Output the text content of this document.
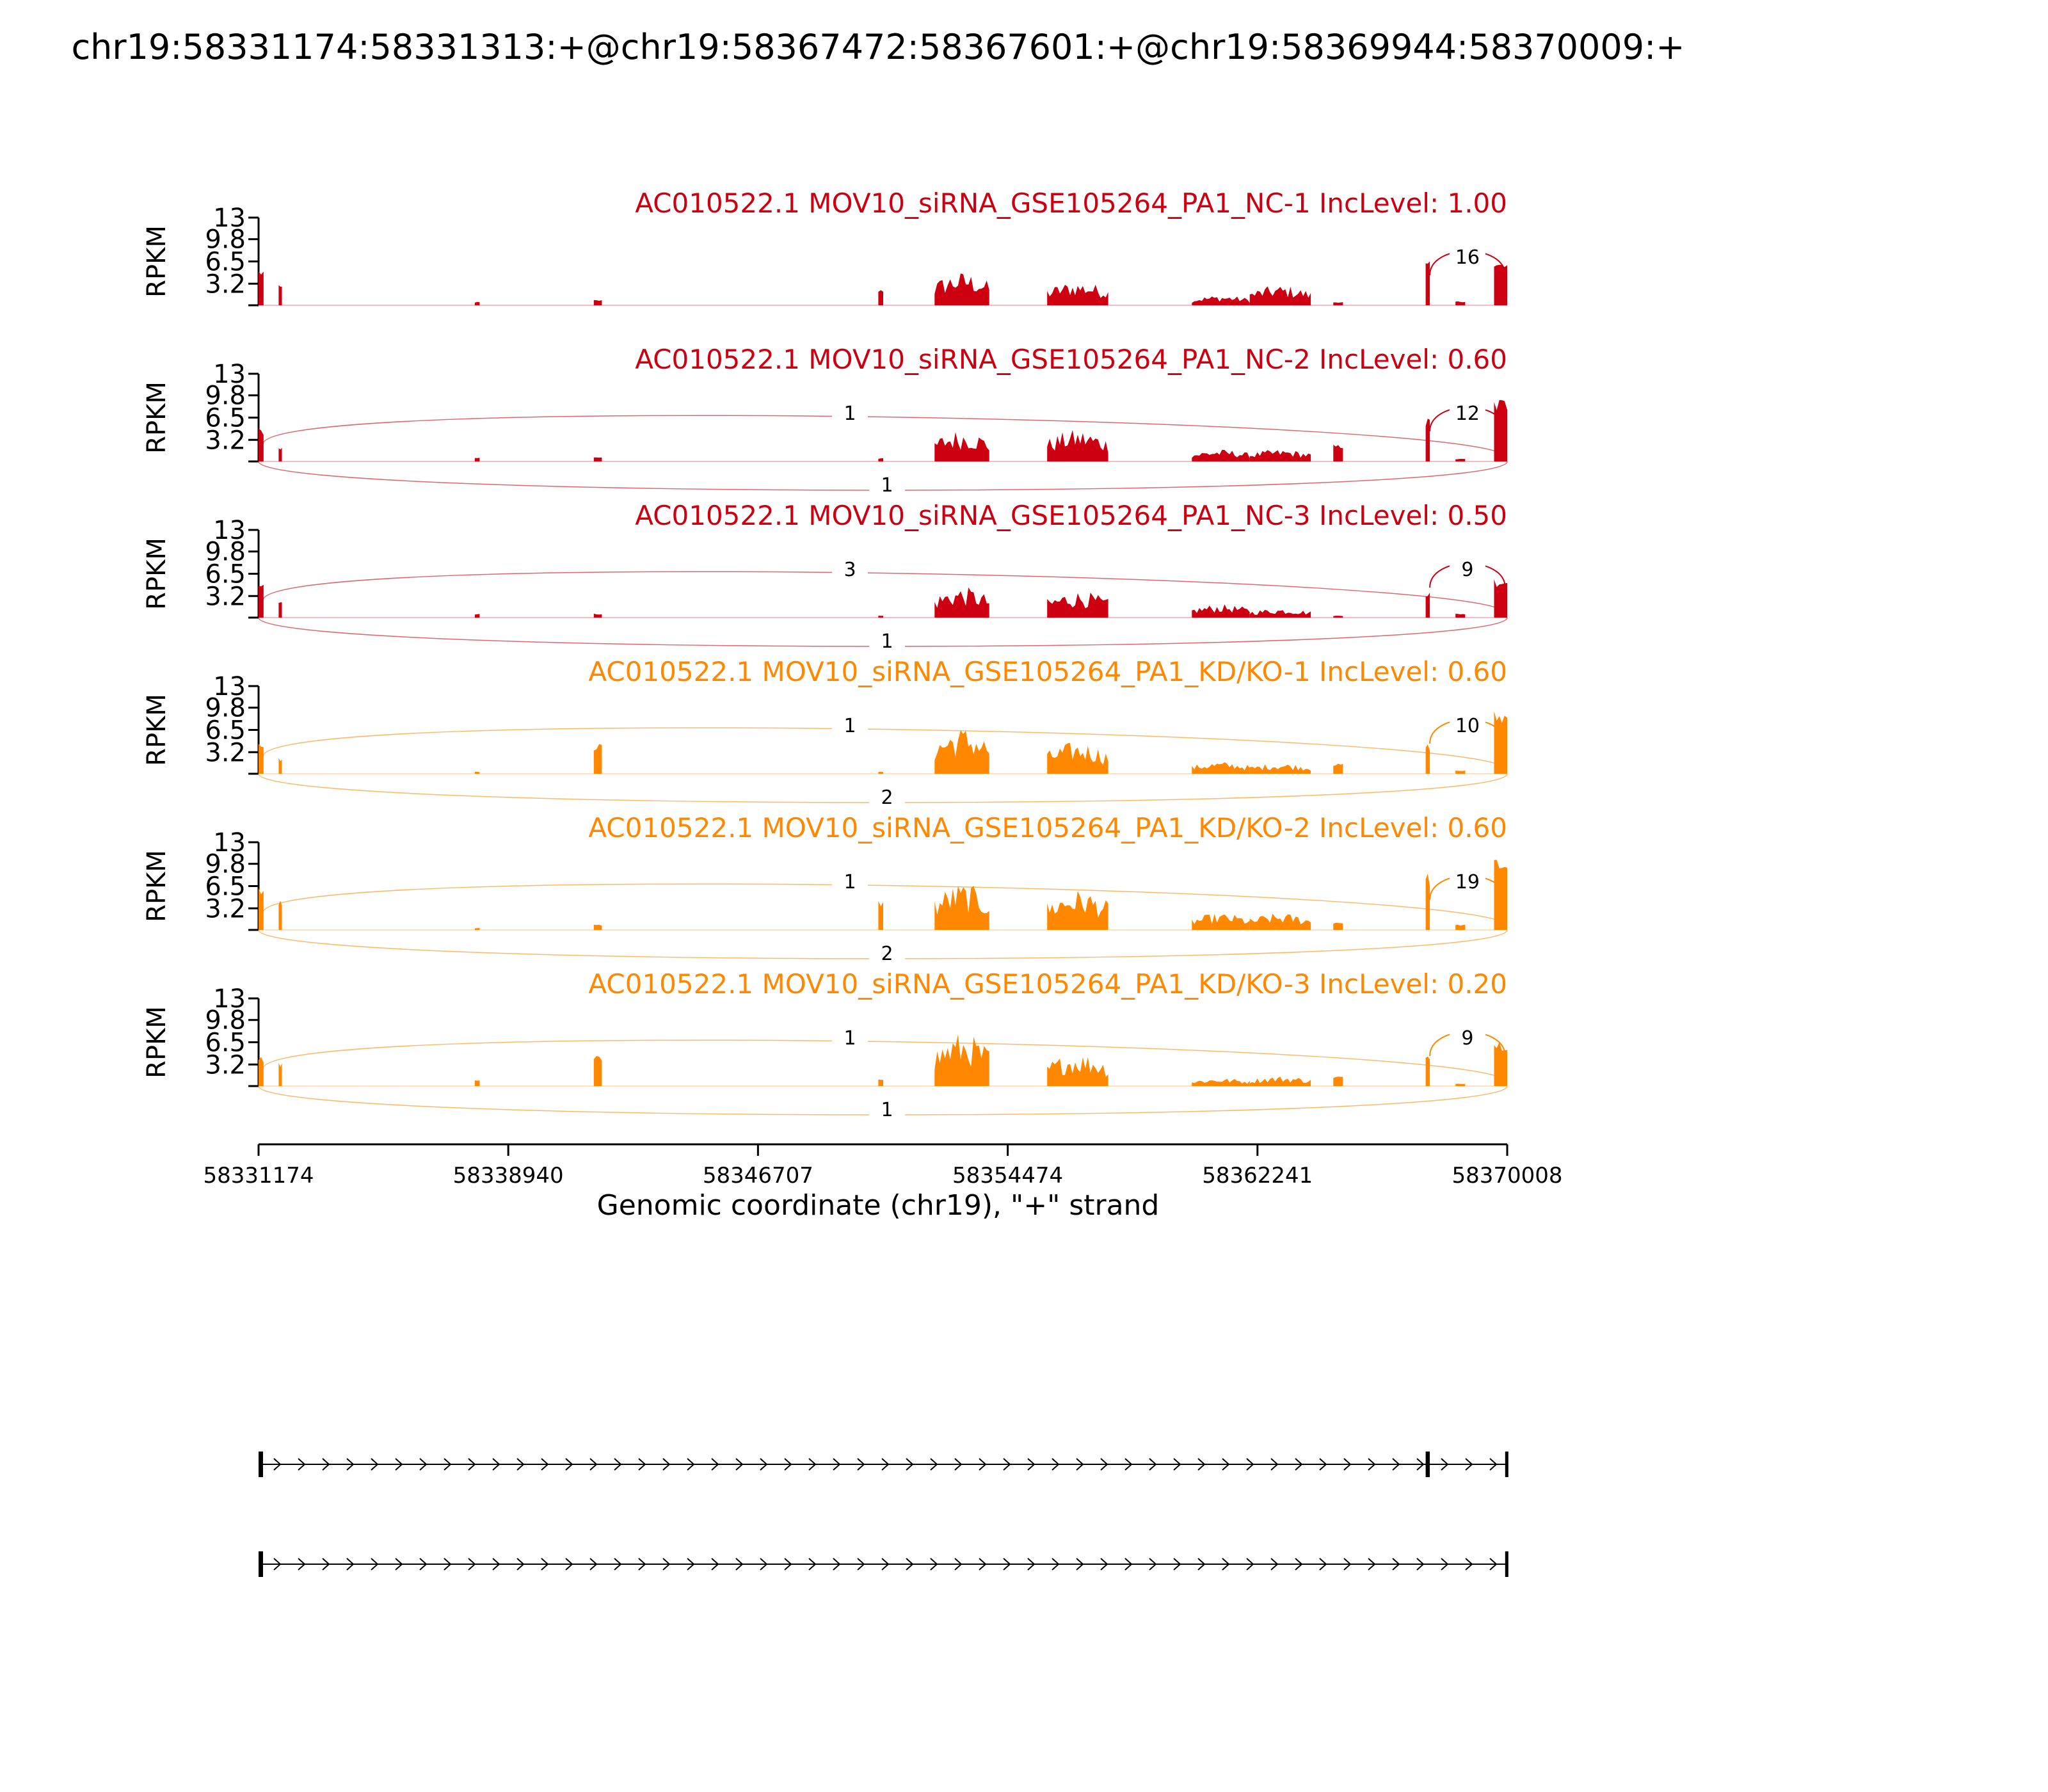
chr19:58331174:58331313:+@chr19:58367472:58367601:+@chr19:58369944:58370009:+
AC010522.1 MOV10_siRNA_GSE105264_PA1_NC-1 IncLevel: 1.00
RPKM 3.2
6.5
9.8
13
16
AC010522.1 MOV10_siRNA_GSE105264_PA1_NC-2 IncLevel: 0.60
RPKM 3.2
6.5
9.8
13
12
1
1
AC010522.1 MOV10_siRNA_GSE105264_PA1_NC-3 IncLevel: 0.50
RPKM 3.2
6.5
9.8
13
9
3
1
AC010522.1 MOV10_siRNA_GSE105264_PA1_KD/KO-1 IncLevel: 0.60
RPKM 3.2
6.5
9.8
13
10
1
2
AC010522.1 MOV10_siRNA_GSE105264_PA1_KD/KO-2 IncLevel: 0.60
RPKM 3.2
6.5
9.8
13
19
1
2
AC010522.1 MOV10_siRNA_GSE105264_PA1_KD/KO-3 IncLevel: 0.20
RPKM 3.2
6.5
9.8
13
9
1
1
58331174	58338940	58346707	58354474	58362241	58370008
Genomic coordinate (chr19), "+" strand
